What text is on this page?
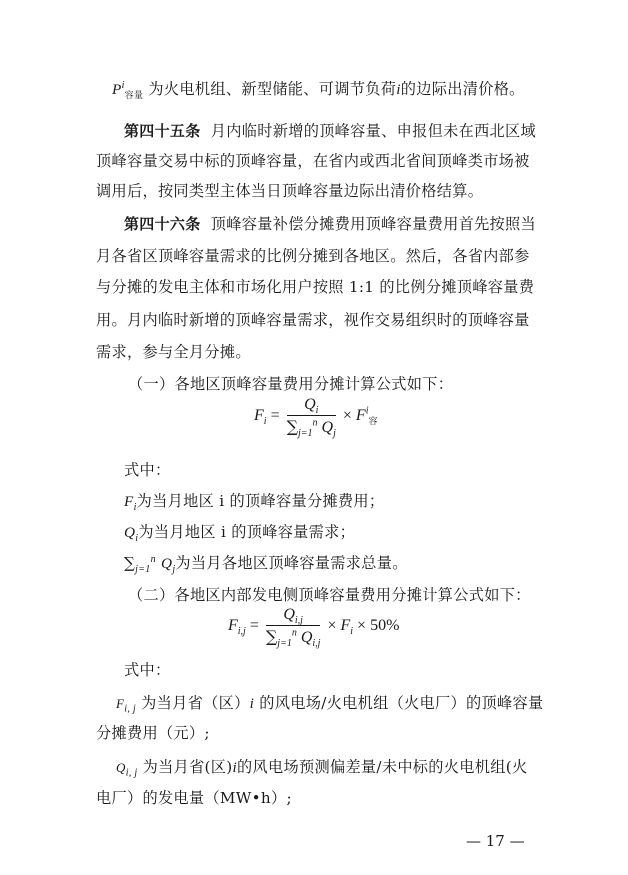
$P^i_{容量}$ 为火电机组、新型储能、可调节负荷i的边际出清价格。
第四十五条 月内临时新增的顶峰容量、申报但未在西北区域
顶峰容量交易中标的顶峰容量，在省内或西北省间顶峰类市场被
调用后，按同类型主体当日顶峰容量边际出清价格结算。
第四十六条 顶峰容量补偿分摊费用顶峰容量费用首先按照当
月各省区顶峰容量需求的比例分摊到各地区。然后，各省内部参
与分摊的发电主体和市场化用户按照 1:1 的比例分摊顶峰容量费
用。月内临时新增的顶峰容量需求，视作交易组织时的顶峰容量
需求，参与全月分摊。
（一）各地区顶峰容量费用分摊计算公式如下：
$F_i = \frac{Q_i}{\sum_{j=1}^n Q_j} \times F^i_容$
式中：
$F_i$为当月地区 i 的顶峰容量分摊费用；
$Q_i$为当月地区 i 的顶峰容量需求；
$\sum_{j=1}^n$ $Q_j$为当月各地区顶峰容量需求总量。
（二）各地区内部发电侧顶峰容量费用分摊计算公式如下：
$F_{i,j} = \frac{Q_{i,j}}{\sum_{j=1}^n Q_{i,j}} \times F_i \times 50\%$
式中：
$F_{i, j}$ 为当月省（区）i 的风电场/火电机组（火电厂）的顶峰容量
分摊费用（元）;
$Q_{i, j}$ 为当月省(区)i的风电场预测偏差量/未中标的火电机组(火
电厂）的发电量（MW•h）;
— 17 —
